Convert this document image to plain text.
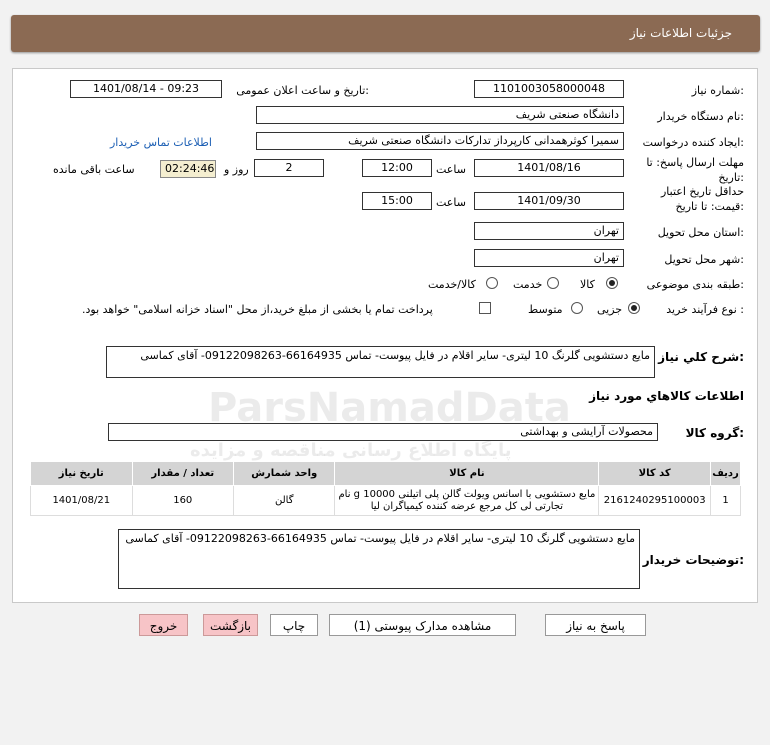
جزئیات اطلاعات نیاز
شماره نیاز:
1101003058000048
تاریخ و ساعت اعلان عمومی:
1401/08/14 - 09:23
نام دستگاه خریدار:
دانشگاه صنعتی شریف
ایجاد کننده درخواست:
سمیرا کوثرهمدانی کارپرداز تدارکات دانشگاه صنعتی شریف
اطلاعات تماس خریدار
مهلت ارسال پاسخ: تا تاریخ:
1401/08/16
ساعت
12:00
2
روز و
02:24:46
ساعت باقی مانده
حداقل تاریخ اعتبار قیمت: تا تاریخ:
1401/09/30
ساعت
15:00
استان محل تحویل:
تهران
شهر محل تحویل:
تهران
طبقه بندی موضوعی:
کالا
خدمت
کالا/خدمت
نوع فرآیند خرید :
جزیی
متوسط
پرداخت تمام یا بخشی از مبلغ خرید،از محل "اسناد خزانه اسلامی" خواهد بود.
شرح کلي نياز:
مایع دستشویی گلرنگ 10 لیتری- سایر اقلام در فایل پیوست- تماس 66164935-09122098263- آقای کماسی
اطلاعات کالاهاي مورد نياز
گروه کالا:
محصولات آرایشی و بهداشتی
ردیف	کد کالا	نام کالا	واحد شمارش	تعداد / مقدار	تاریخ نیاز
1	2161240295100003	مایع دستشویی با اسانس ویولت گالن پلی اتیلنی 10000 g نام تجارتی لی کل مرجع عرضه کننده کیمیاگران لیا	گالن	160	1401/08/21
توضیحات خریدار:
مایع دستشویی گلرنگ 10 لیتری- سایر اقلام در فایل پیوست- تماس 66164935-09122098263- آقای کماسی
پاسخ به نیاز
مشاهده مدارک پیوستی (1)
چاپ
بازگشت
خروج
